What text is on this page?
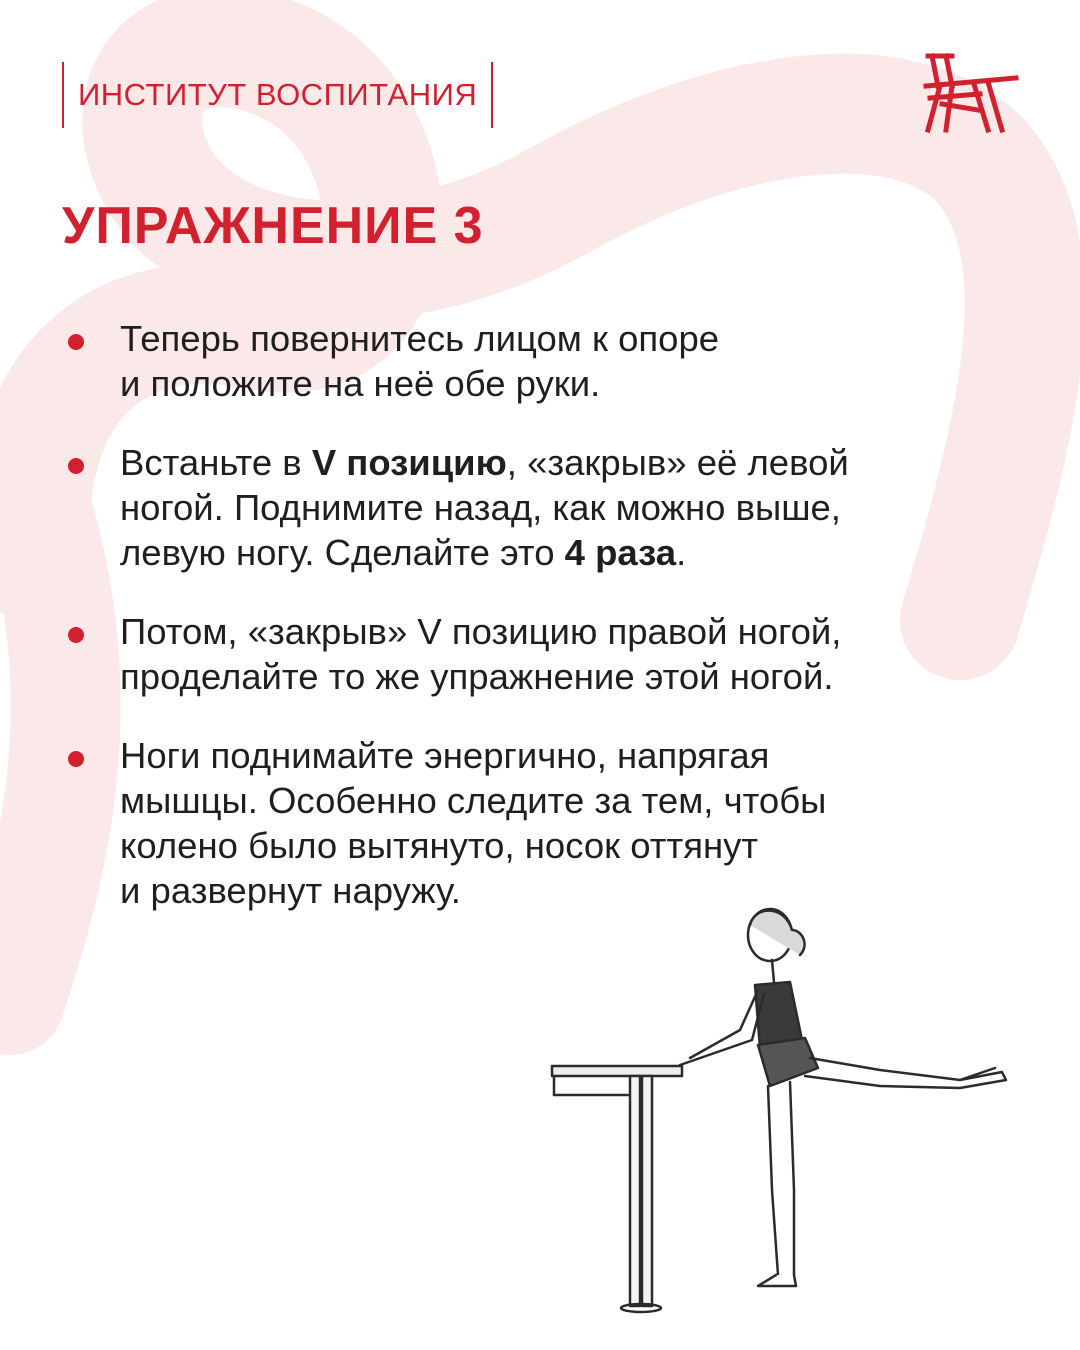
ИНСТИТУТ ВОСПИТАНИЯ
УПРАЖНЕНИЕ 3
Теперь повернитесь лицом к опоре
и положите на неё обе руки.
Встаньте в V позицию, «закрыв» её левой
ногой. Поднимите назад, как можно выше,
левую ногу. Сделайте это 4 раза.
Потом, «закрыв» V позицию правой ногой,
проделайте то же упражнение этой ногой.
Ноги поднимайте энергично, напрягая
мышцы. Особенно следите за тем, чтобы
колено было вытянуто, носок оттянут
и развернут наружу.
